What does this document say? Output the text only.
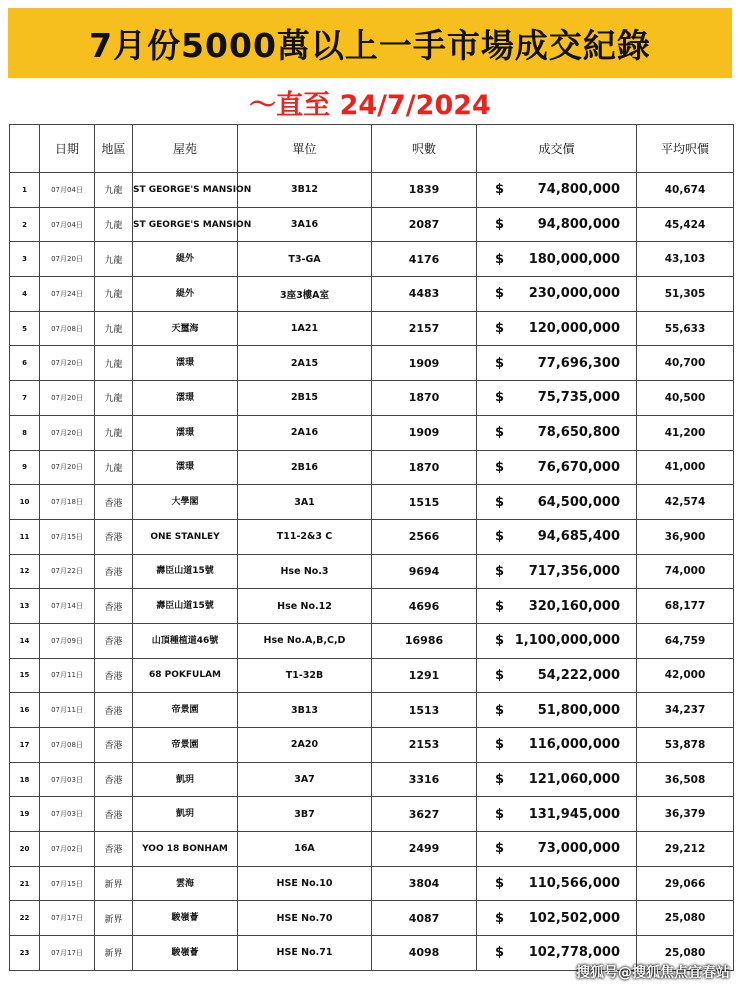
7月份5000萬以上一手市場成交紀錄
～直至 24/7/2024
	日期	地區	屋苑	單位	呎數	成交價	平均呎價
1	07月04日	九龍	ST GEORGE'S MANSION	3B12	1839	$ 74,800,000	40,674
2	07月04日	九龍	ST GEORGE'S MANSION	3A16	2087	$ 94,800,000	45,424
3	07月20日	九龍	緹外	T3-GA	4176	$ 180,000,000	43,103
4	07月24日	九龍	緹外	3座3樓A室	4483	$ 230,000,000	51,305
5	07月08日	九龍	天璽海	1A21	2157	$ 120,000,000	55,633
6	07月20日	九龍	澐璟	2A15	1909	$ 77,696,300	40,700
7	07月20日	九龍	澐璟	2B15	1870	$ 75,735,000	40,500
8	07月20日	九龍	澐璟	2A16	1909	$ 78,650,800	41,200
9	07月20日	九龍	澐璟	2B16	1870	$ 76,670,000	41,000
10	07月18日	香港	大學閣	3A1	1515	$ 64,500,000	42,574
11	07月15日	香港	ONE STANLEY	T11-2&3 C	2566	$ 94,685,400	36,900
12	07月22日	香港	壽臣山道15號	Hse No.3	9694	$ 717,356,000	74,000
13	07月14日	香港	壽臣山道15號	Hse No.12	4696	$ 320,160,000	68,177
14	07月09日	香港	山頂種植道46號	Hse No.A,B,C,D	16986	$ 1,100,000,000	64,759
15	07月11日	香港	68 POKFULAM	T1-32B	1291	$ 54,222,000	42,000
16	07月11日	香港	帝景園	3B13	1513	$ 51,800,000	34,237
17	07月08日	香港	帝景園	2A20	2153	$ 116,000,000	53,878
18	07月03日	香港	凱玥	3A7	3316	$ 121,060,000	36,508
19	07月03日	香港	凱玥	3B7	3627	$ 131,945,000	36,379
20	07月02日	香港	YOO 18 BONHAM	16A	2499	$ 73,000,000	29,212
21	07月15日	新界	雲海	HSE No.10	3804	$ 110,566,000	29,066
22	07月17日	新界	駿嶺薈	HSE No.70	4087	$ 102,502,000	25,080
23	07月17日	新界	駿嶺薈	HSE No.71	4098	$ 102,778,000	25,080
搜狐号@搜狐焦点宜春站
